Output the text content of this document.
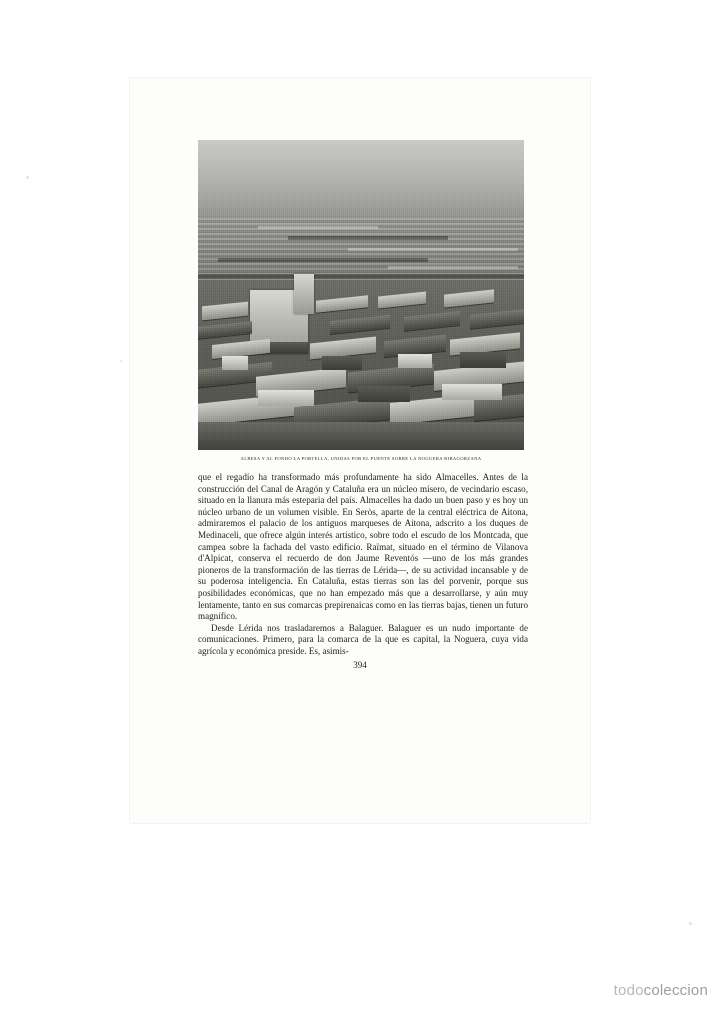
ALBESA Y AL FONDO LA PORTELLA, UNIDAS POR EL PUENTE SOBRE LA NOGUERA RIBAGORZANA

que el regadío ha transformado más profundamente ha sido Almacelles. Antes de la construcción del Canal de Aragón y Cataluña era un núcleo mísero, de vecindario escaso, situado en la llanura más esteparia del país. Almacelles ha dado un buen paso y es hoy un núcleo urbano de un volumen visible. En Seròs, aparte de la central eléctrica de Aitona, admiraremos el palacio de los antiguos marqueses de Aitona, adscrito a los duques de Medinaceli, que ofrece algún interés artístico, sobre todo el escudo de los Montcada, que campea sobre la fachada del vasto edificio. Raïmat, situado en el término de Vilanova d'Alpicat, conserva el recuerdo de don Jaume Reventós —uno de los más grandes pioneros de la transformación de las tierras de Lérida—, de su actividad incansable y de su poderosa inteligencia. En Cataluña, estas tierras son las del porvenir, porque sus posibilidades económicas, que no han empezado más que a desarrollarse, y aún muy lentamente, tanto en sus comarcas prepirenaicas como en las tierras bajas, tienen un futuro magnífico.

Desde Lérida nos trasladaremos a Balaguer. Balaguer es un nudo importante de comunicaciones. Primero, para la comarca de la que es capital, la Noguera, cuya vida agrícola y económica preside. Es, asimis-

394
todocoleccion
